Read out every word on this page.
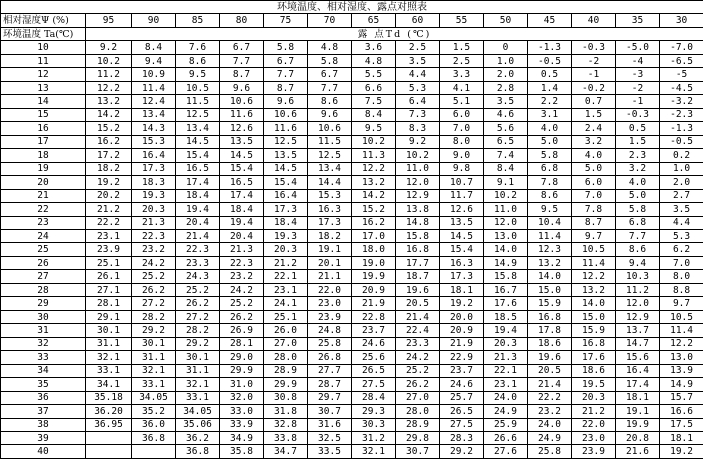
环境温度、相对湿度、露点对照表														
相对湿度Ψ (%)	95	90	85	80	75	70	65	60	55	50	45	40	35	30
环境温度 Ta(℃)	露 点Td (℃)													
10	9.2	8.4	7.6	6.7	5.8	4.8	3.6	2.5	1.5	0	-1.3	-0.3	-5.0	-7.0
11	10.2	9.4	8.6	7.7	6.7	5.8	4.8	3.5	2.5	1.0	-0.5	-2	-4	-6.5
12	11.2	10.9	9.5	8.7	7.7	6.7	5.5	4.4	3.3	2.0	0.5	-1	-3	-5
13	12.2	11.4	10.5	9.6	8.7	7.7	6.6	5.3	4.1	2.8	1.4	-0.2	-2	-4.5
14	13.2	12.4	11.5	10.6	9.6	8.6	7.5	6.4	5.1	3.5	2.2	0.7	-1	-3.2
15	14.2	13.4	12.5	11.6	10.6	9.6	8.4	7.3	6.0	4.6	3.1	1.5	-0.3	-2.3
16	15.2	14.3	13.4	12.6	11.6	10.6	9.5	8.3	7.0	5.6	4.0	2.4	0.5	-1.3
17	16.2	15.3	14.5	13.5	12.5	11.5	10.2	9.2	8.0	6.5	5.0	3.2	1.5	-0.5
18	17.2	16.4	15.4	14.5	13.5	12.5	11.3	10.2	9.0	7.4	5.8	4.0	2.3	0.2
19	18.2	17.3	16.5	15.4	14.5	13.4	12.2	11.0	9.8	8.4	6.8	5.0	3.2	1.0
20	19.2	18.3	17.4	16.5	15.4	14.4	13.2	12.0	10.7	9.1	7.8	6.0	4.0	2.0
21	20.2	19.3	18.4	17.4	16.4	15.3	14.2	12.9	11.7	10.2	8.6	7.0	5.0	2.7
22	21.2	20.3	19.4	18.4	17.3	16.3	15.2	13.8	12.6	11.0	9.5	7.8	5.8	3.5
23	22.2	21.3	20.4	19.4	18.4	17.3	16.2	14.8	13.5	12.0	10.4	8.7	6.8	4.4
24	23.1	22.3	21.4	20.4	19.3	18.2	17.0	15.8	14.5	13.0	11.4	9.7	7.7	5.3
25	23.9	23.2	22.3	21.3	20.3	19.1	18.0	16.8	15.4	14.0	12.3	10.5	8.6	6.2
26	25.1	24.2	23.3	22.3	21.2	20.1	19.0	17.7	16.3	14.9	13.2	11.4	9.4	7.0
27	26.1	25.2	24.3	23.2	22.1	21.1	19.9	18.7	17.3	15.8	14.0	12.2	10.3	8.0
28	27.1	26.2	25.2	24.2	23.1	22.0	20.9	19.6	18.1	16.7	15.0	13.2	11.2	8.8
29	28.1	27.2	26.2	25.2	24.1	23.0	21.9	20.5	19.2	17.6	15.9	14.0	12.0	9.7
30	29.1	28.2	27.2	26.2	25.1	23.9	22.8	21.4	20.0	18.5	16.8	15.0	12.9	10.5
31	30.1	29.2	28.2	26.9	26.0	24.8	23.7	22.4	20.9	19.4	17.8	15.9	13.7	11.4
32	31.1	30.1	29.2	28.1	27.0	25.8	24.6	23.3	21.9	20.3	18.6	16.8	14.7	12.2
33	32.1	31.1	30.1	29.0	28.0	26.8	25.6	24.2	22.9	21.3	19.6	17.6	15.6	13.0
34	33.1	32.1	31.1	29.9	28.9	27.7	26.5	25.2	23.7	22.1	20.5	18.6	16.4	13.9
35	34.1	33.1	32.1	31.0	29.9	28.7	27.5	26.2	24.6	23.1	21.4	19.5	17.4	14.9
36	35.18	34.05	33.1	32.0	30.8	29.7	28.4	27.0	25.7	24.0	22.2	20.3	18.1	15.7
37	36.20	35.2	34.05	33.0	31.8	30.7	29.3	28.0	26.5	24.9	23.2	21.2	19.1	16.6
38	36.95	36.0	35.06	33.9	32.8	31.6	30.3	28.9	27.5	25.9	24.0	22.0	19.9	17.5
39		36.8	36.2	34.9	33.8	32.5	31.2	29.8	28.3	26.6	24.9	23.0	20.8	18.1
40			36.8	35.8	34.7	33.5	32.1	30.7	29.2	27.6	25.8	23.9	21.6	19.2
